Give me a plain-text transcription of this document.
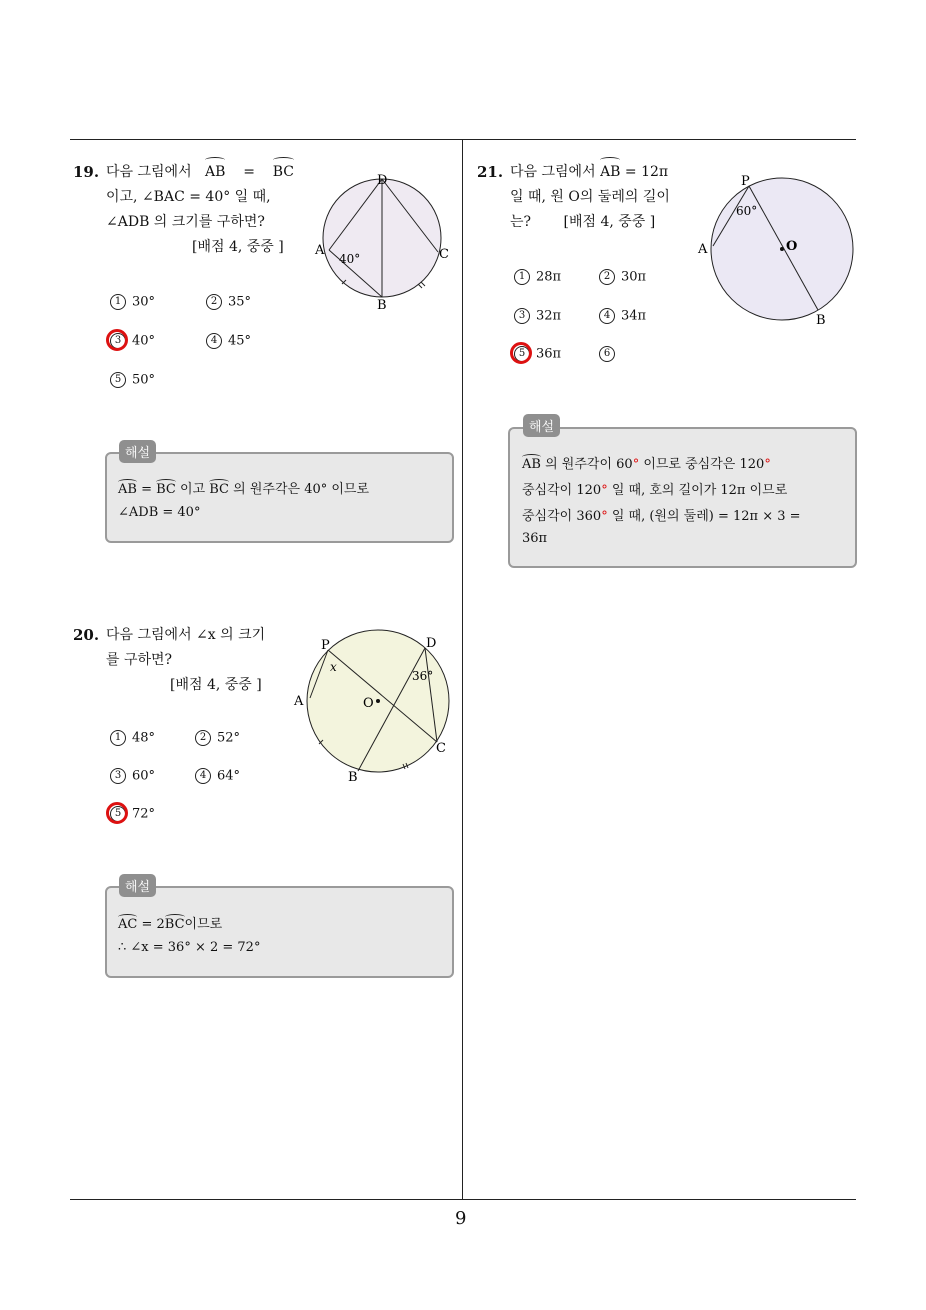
19. 다음 그림에서 AB = BC
이고, ∠BAC = 40° 일 때,
∠ADB 의 크기를 구하면?
[배점 4, 중중 ]
D
A
B
C
40°
1 30°	2 35°
3 40°	4 45°
5 50°
해설
AB = BC 이고 BC 의 원주각은 40° 이므로
∠ADB = 40°
20. 다음 그림에서 ∠x 의 크기
를 구하면?
[배점 4, 중중 ]
P	D
A	O
B
C
x
36°
1 48°	2 52°
3 60°	4 64°
5 72°
해설
AC = 2BC이므로
∴ ∠x = 36° × 2 = 72°
21. 다음 그림에서 AB = 12π
일 때, 원 O의 둘레의 길이
는? [배점 4, 중중 ]
P
A	O
B
60°
1 28π	2 30π
3 32π	4 34π
5 36π	6
해설
AB 의 원주각이 60° 이므로 중심각은 120°
중심각이 120° 일 때, 호의 길이가 12π 이므로
중심각이 360° 일 때, (원의 둘레) = 12π × 3 =
36π
9
